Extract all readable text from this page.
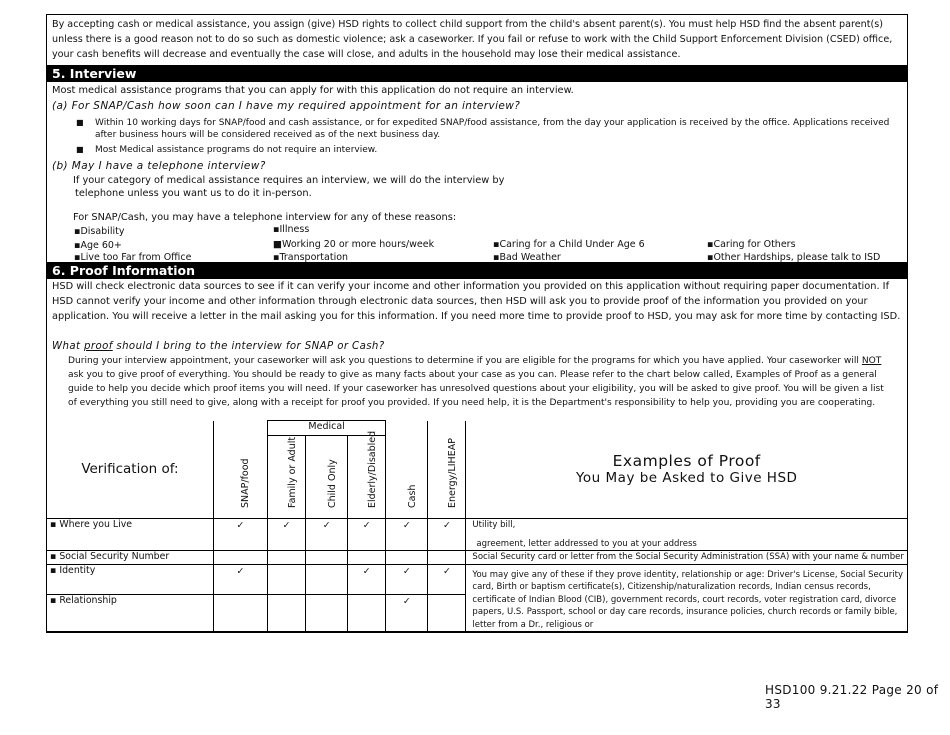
By accepting cash or medical assistance, you assign (give) HSD rights to collect child support from the child's absent parent(s). You must help HSD find the absent parent(s) unless there is a good reason not to do so such as domestic violence; ask a caseworker. If you fail or refuse to work with the Child Support Enforcement Division (CSED) office, your cash benefits will decrease and eventually the case will close, and adults in the household may lose their medical assistance.
5. Interview
Most medical assistance programs that you can apply for with this application do not require an interview.
(a) For SNAP/Cash how soon can I have my required appointment for an interview?
■ Within 10 working days for SNAP/food and cash assistance, or for expedited SNAP/food assistance, from the day your application is received by the office. Applications received after business hours will be considered received as of the next business day.
■ Most Medical assistance programs do not require an interview.
(b) May I have a telephone interview?
If your category of medical assistance requires an interview, we will do the interview by
telephone unless you want us to do it in-person.
For SNAP/Cash, you may have a telephone interview for any of these reasons:
▪ Disability	▪ Illness
▪ Age 60+	■ Working 20 or more hours/week	▪ Caring for a Child Under Age 6	▪ Caring for Others
▪ Live too Far from Office	▪ Transportation	▪ Bad Weather	▪ Other Hardships, please talk to ISD
6. Proof Information
HSD will check electronic data sources to see if it can verify your income and other information you provided on this application without requiring paper documentation. If HSD cannot verify your income and other information through electronic data sources, then HSD will ask you to provide proof of the information you provided on your application. You will receive a letter in the mail asking you for this information. If you need more time to provide proof to HSD, you may ask for more time by contacting ISD.
What proof should I bring to the interview for SNAP or Cash?
During your interview appointment, your caseworker will ask you questions to determine if you are eligible for the programs for which you have applied. Your caseworker will NOT ask you to give proof of everything. You should be ready to give as many facts about your case as you can. Please refer to the chart below called, Examples of Proof as a general guide to help you decide which proof items you will need. If your caseworker has unresolved questions about your eligibility, you will be asked to give proof. You will be given a list of everything you still need to give, along with a receipt for proof you provided. If you need help, it is the Department's responsibility to help you, providing you are cooperating.
Verification of:	SNAP/food	Medical			Cash	Energy/LIHEAP	Examples of Proof
You May be Asked to Give HSD

		Family or Adult	Child Only	Elderly/Disabled			

▪ Where you Live	✓	✓	✓	✓	✓	✓	Utility bill,
agreement, letter addressed to you at your address

▪ Social Security Number							Social Security card or letter from the Social Security Administration (SSA) with your name & number

▪ Identity	✓			✓	✓	✓	You may give any of these if they prove identity, relationship or age: Driver's License, Social Security card, Birth or baptism certificate(s), Citizenship/naturalization records, Indian census records, certificate of Indian Blood (CIB), government records, court records, voter registration card, divorce papers, U.S. Passport, school or day care records, insurance policies, church records or family bible, letter from a Dr., religious or

▪ Relationship					✓		
HSD100 9.21.22 Page 20 of 33
